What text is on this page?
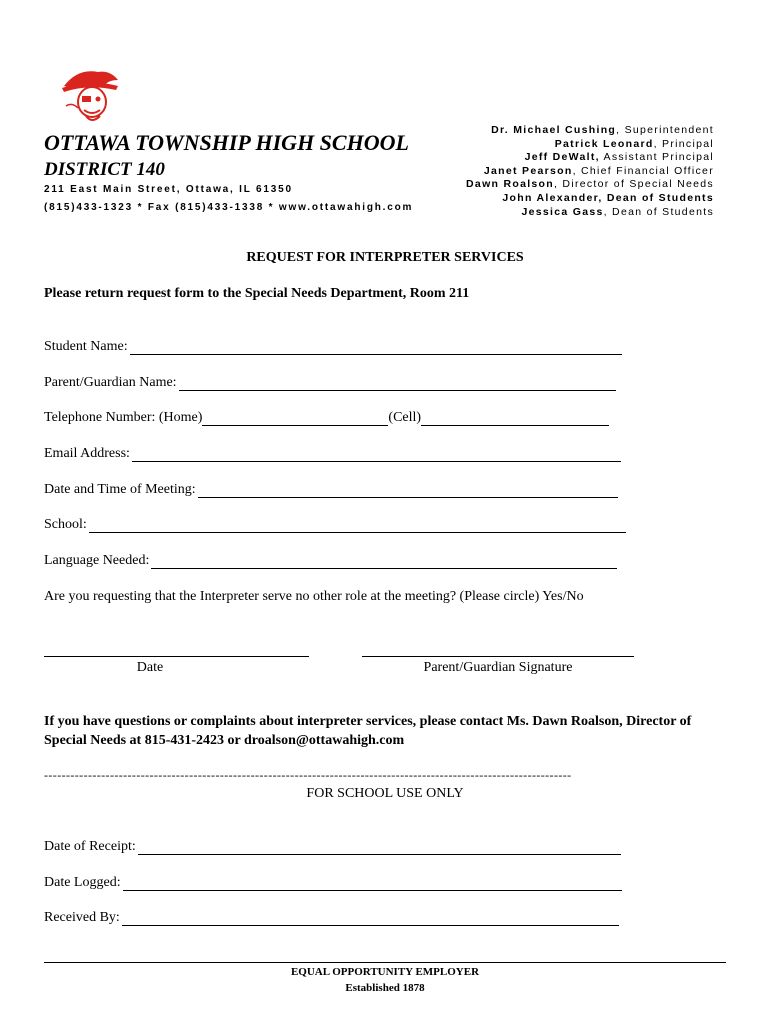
OTTAWA TOWNSHIP HIGH SCHOOL
DISTRICT 140
211 East Main Street, Ottawa, IL 61350
(815)433-1323 * Fax (815)433-1338 * www.ottawahigh.com
Dr. Michael Cushing, Superintendent
Patrick Leonard, Principal
Jeff DeWalt, Assistant Principal
Janet Pearson, Chief Financial Officer
Dawn Roalson, Director of Special Needs
John Alexander, Dean of Students
Jessica Gass, Dean of Students
REQUEST FOR INTERPRETER SERVICES
Please return request form to the Special Needs Department, Room 211
Student Name:
Parent/Guardian Name:
Telephone Number: (Home)	(Cell)
Email Address:
Date and Time of Meeting:
School:
Language Needed:
Are you requesting that the Interpreter serve no other role at the meeting? (Please circle) Yes/No
Date	Parent/Guardian Signature
If you have questions or complaints about interpreter services, please contact Ms. Dawn Roalson, Director of Special Needs at 815-431-2423 or droalson@ottawahigh.com
------------------------------------------------------------------------------------------------------------------------
FOR SCHOOL USE ONLY
Date of Receipt:
Date Logged:
Received By:
EQUAL OPPORTUNITY EMPLOYER
Established 1878
